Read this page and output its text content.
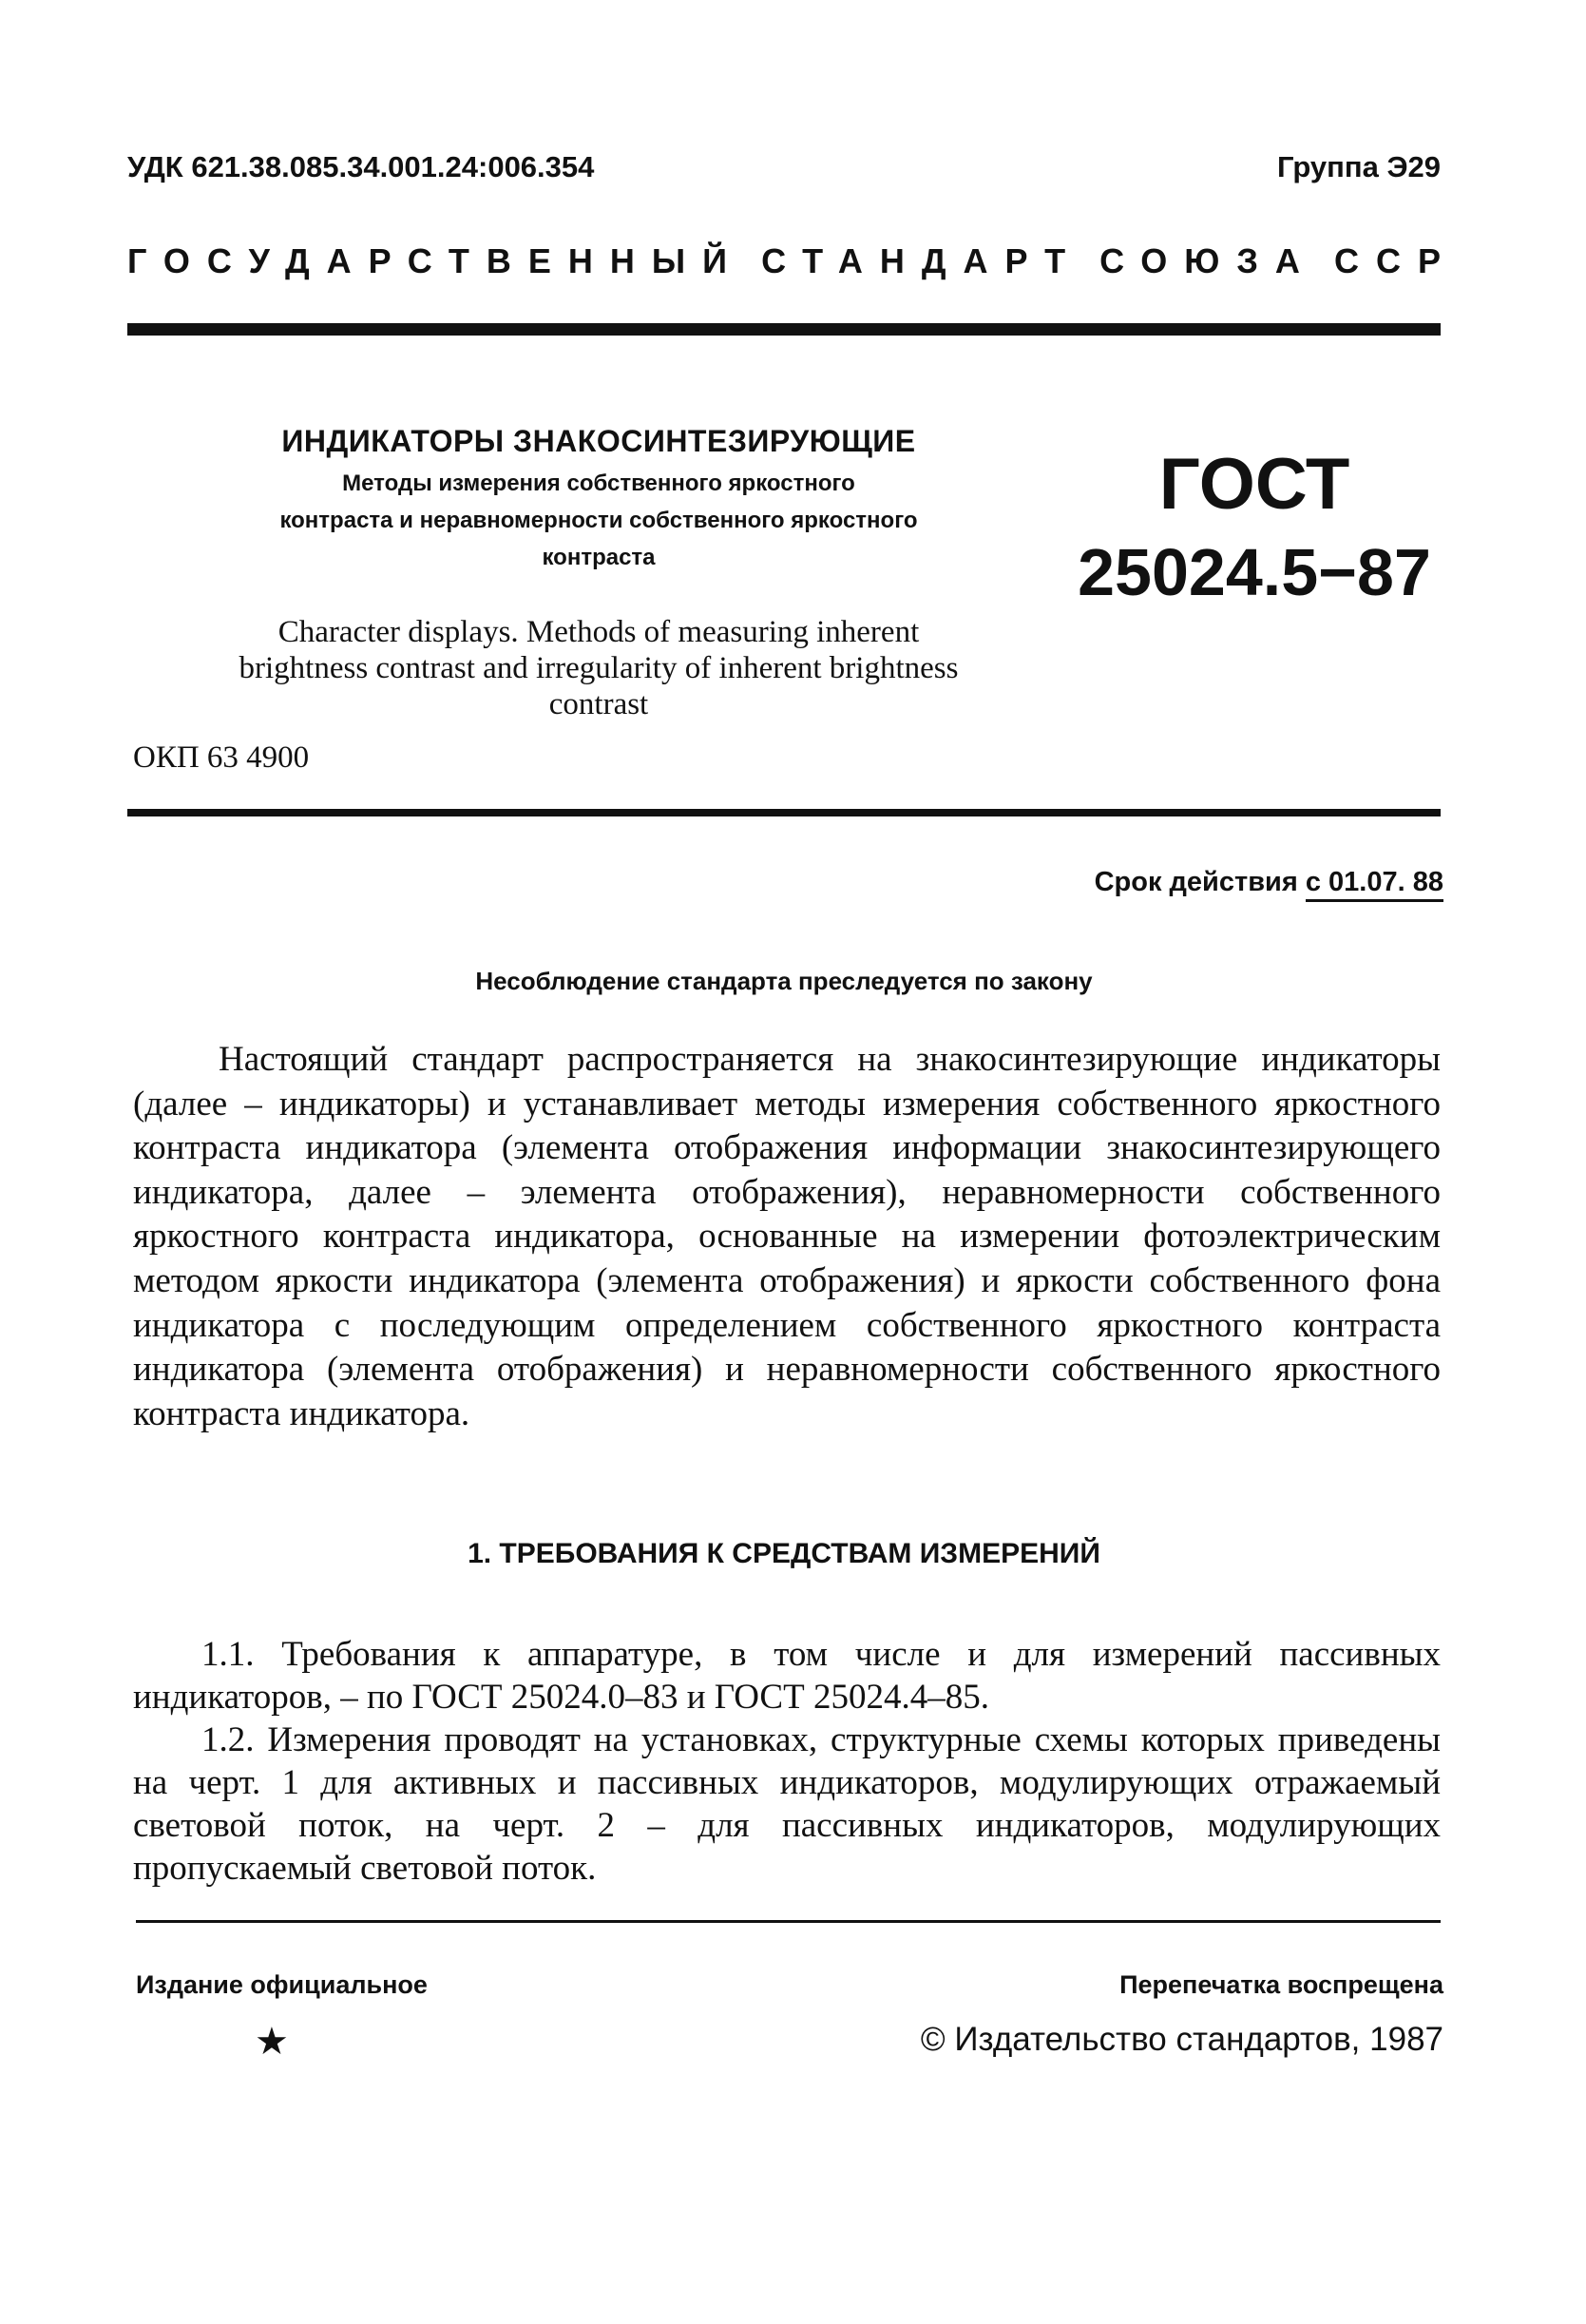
УДК 621.38.085.34.001.24:006.354	Группа Э29
ГОСУДАРСТВЕННЫЙ СТАНДАРТ СОЮЗА ССР
ИНДИКАТОРЫ ЗНАКОСИНТЕЗИРУЮЩИЕ
Методы измерения собственного яркостного
контраста и неравномерности собственного яркостного
контраста
Character displays. Methods of measuring inherent
brightness contrast and irregularity of inherent brightness
contrast
ГОСТ
25024.5−87
ОКП 63 4900
Срок действия с 01.07. 88
Несоблюдение стандарта преследуется по закону
Настоящий стандарт распространяется на знакосинтезирующие индикаторы (далее – индикаторы) и устанавливает методы измерения собственного яркостного контраста индикатора (элемента отображения информации знакосинтезирующего индикатора, далее – элемента отображения), неравномерности собственного яркостного контраста индикатора, основанные на измерении фотоэлектрическим методом яркости индикатора (элемента отображения) и яркости собственного фона индикатора с последующим определением собственного яркостного контраста индикатора (элемента отображения) и неравномерности собственного яркостного контраста индикатора.
1. ТРЕБОВАНИЯ К СРЕДСТВАМ ИЗМЕРЕНИЙ
1.1. Требования к аппаратуре, в том числе и для измерений пассивных индикаторов, – по ГОСТ 25024.0–83 и ГОСТ 25024.4–85.
1.2. Измерения проводят на установках, структурные схемы которых приведены на черт. 1 для активных и пассивных индикаторов, модулирующих отражаемый световой поток, на черт. 2 – для пассивных индикаторов, модулирующих пропускаемый световой поток.
Издание официальное	Перепечатка воспрещена
★	© Издательство стандартов, 1987
